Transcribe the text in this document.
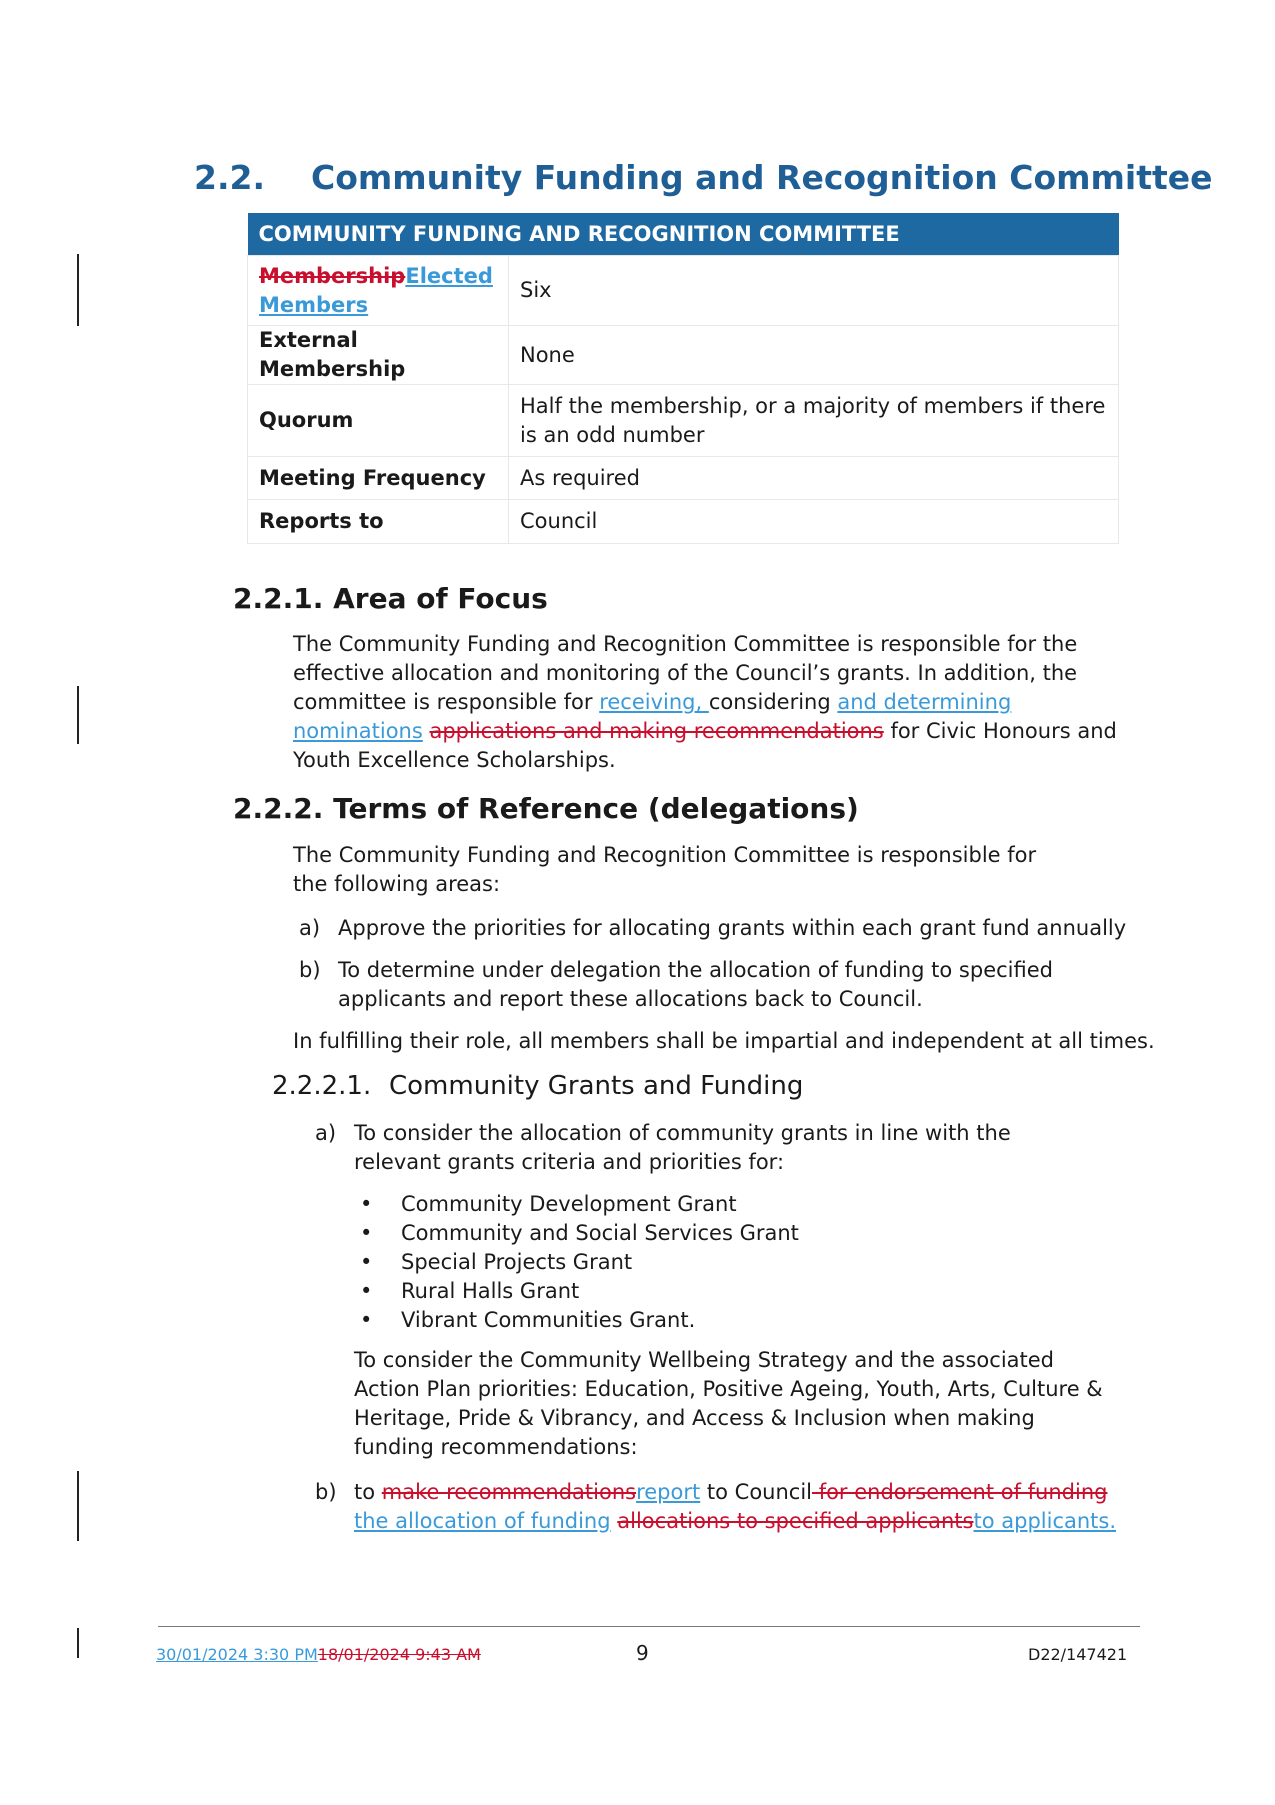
2.2. Community Funding and Recognition Committee
COMMUNITY FUNDING AND RECOGNITION COMMITTEE	
MembershipElected Members	Six
External Membership	None
Quorum	Half the membership, or a majority of members if there is an odd number
Meeting Frequency	As required
Reports to	Council
2.2.1. Area of Focus

The Community Funding and Recognition Committee is responsible for the effective allocation and monitoring of the Council’s grants. In addition, the committee is responsible for receiving, considering and determining nominations applications and making recommendations for Civic Honours and Youth Excellence Scholarships.

2.2.2. Terms of Reference (delegations)

The Community Funding and Recognition Committee is responsible for the following areas:

a) Approve the priorities for allocating grants within each grant fund annually
b) To determine under delegation the allocation of funding to specified applicants and report these allocations back to Council.

In fulfilling their role, all members shall be impartial and independent at all times.

2.2.2.1. Community Grants and Funding
a) To consider the allocation of community grants in line with the relevant grants criteria and priorities for:
• Community Development Grant
• Community and Social Services Grant
• Special Projects Grant
• Rural Halls Grant
• Vibrant Communities Grant.

To consider the Community Wellbeing Strategy and the associated Action Plan priorities: Education, Positive Ageing, Youth, Arts, Culture & Heritage, Pride & Vibrancy, and Access & Inclusion when making funding recommendations:

b) to make recommendationsreport to Council for endorsement of funding the allocation of funding allocations to specified applicantsto applicants.
30/01/2024 3:30 PM18/01/2024 9:43 AM	9	D22/147421
